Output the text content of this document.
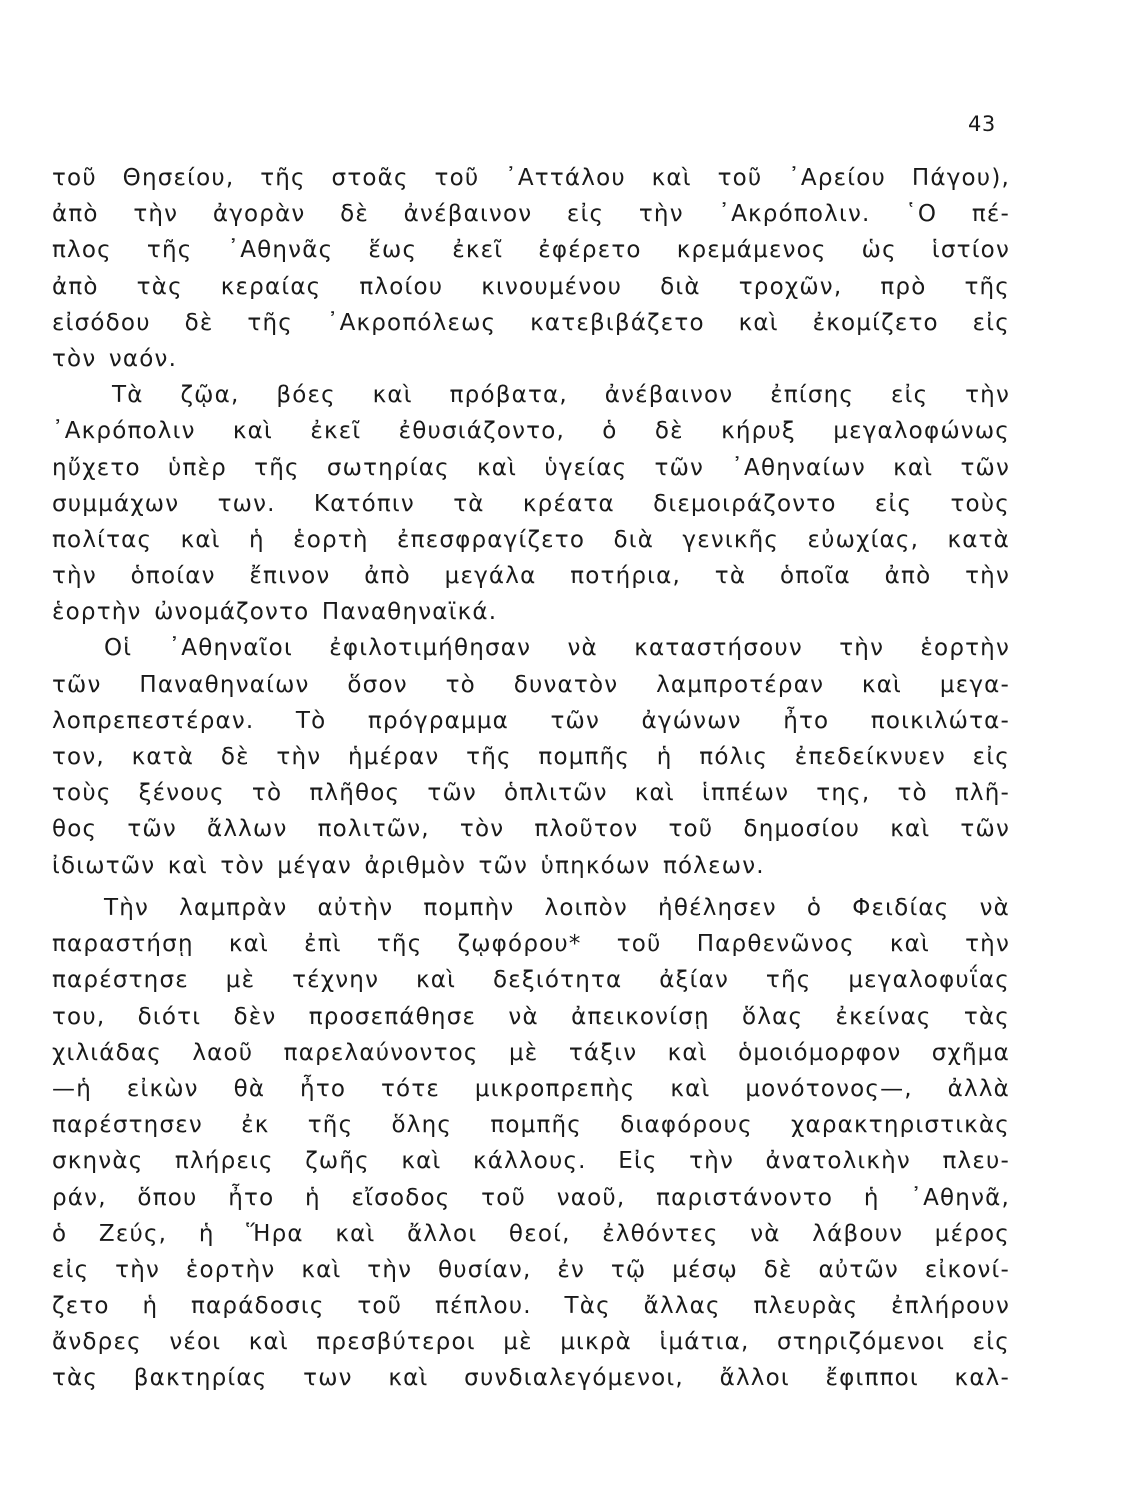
43
τοῦ Θησείου, τῆς στοᾶς τοῦ ᾿Αττάλου καὶ τοῦ ᾿Αρείου Πάγου),
ἀπὸ τὴν ἀγορὰν δὲ ἀνέβαινον εἰς τὴν ᾿Ακρόπολιν. ῾Ο πέ-
πλος τῆς ᾿Αθηνᾶς ἕως ἐκεῖ ἐφέρετο κρεμάμενος ὡς ἱστίον
ἀπὸ τὰς κεραίας πλοίου κινουμένου διὰ τροχῶν, πρὸ τῆς
εἰσόδου δὲ τῆς ᾿Ακροπόλεως κατεβιβάζετο καὶ ἐκομίζετο εἰς
τὸν ναόν.
Τὰ ζῷα, βόες καὶ πρόβατα, ἀνέβαινον ἐπίσης εἰς τὴν
᾿Ακρόπολιν καὶ ἐκεῖ ἐθυσιάζοντο, ὁ δὲ κήρυξ μεγαλοφώνως
ηὔχετο ὑπὲρ τῆς σωτηρίας καὶ ὑγείας τῶν ᾿Αθηναίων καὶ τῶν
συμμάχων των. Κατόπιν τὰ κρέατα διεμοιράζοντο εἰς τοὺς
πολίτας καὶ ἡ ἑορτὴ ἐπεσφραγίζετο διὰ γενικῆς εὐωχίας, κατὰ
τὴν ὁποίαν ἔπινον ἀπὸ μεγάλα ποτήρια, τὰ ὁποῖα ἀπὸ τὴν
ἑορτὴν ὠνομάζοντο Παναθηναϊκά.
Οἱ ᾿Αθηναῖοι ἐφιλοτιμήθησαν νὰ καταστήσουν τὴν ἑορτὴν
τῶν Παναθηναίων ὅσον τὸ δυνατὸν λαμπροτέραν καὶ μεγα-
λοπρεπεστέραν. Τὸ πρόγραμμα τῶν ἀγώνων ἦτο ποικιλώτα-
τον, κατὰ δὲ τὴν ἡμέραν τῆς πομπῆς ἡ πόλις ἐπεδείκνυεν εἰς
τοὺς ξένους τὸ πλῆθος τῶν ὁπλιτῶν καὶ ἱππέων της, τὸ πλῆ-
θος τῶν ἄλλων πολιτῶν, τὸν πλοῦτον τοῦ δημοσίου καὶ τῶν
ἰδιωτῶν καὶ τὸν μέγαν ἀριθμὸν τῶν ὑπηκόων πόλεων.
Τὴν λαμπρὰν αὐτὴν πομπὴν λοιπὸν ἠθέλησεν ὁ Φειδίας νὰ
παραστήσῃ καὶ ἐπὶ τῆς ζῳφόρου* τοῦ Παρθενῶνος καὶ τὴν
παρέστησε μὲ τέχνην καὶ δεξιότητα ἀξίαν τῆς μεγαλοφυΐας
του, διότι δὲν προσεπάθησε νὰ ἀπεικονίσῃ ὅλας ἐκείνας τὰς
χιλιάδας λαοῦ παρελαύνοντος μὲ τάξιν καὶ ὁμοιόμορφον σχῆμα
—ἡ εἰκὼν θὰ ἦτο τότε μικροπρεπὴς καὶ μονότονος—, ἀλλὰ
παρέστησεν ἐκ τῆς ὅλης πομπῆς διαφόρους χαρακτηριστικὰς
σκηνὰς πλήρεις ζωῆς καὶ κάλλους. Εἰς τὴν ἀνατολικὴν πλευ-
ράν, ὅπου ἦτο ἡ εἴσοδος τοῦ ναοῦ, παριστάνοντο ἡ ᾿Αθηνᾶ,
ὁ Ζεύς, ἡ Ἥρα καὶ ἄλλοι θεοί, ἐλθόντες νὰ λάβουν μέρος
εἰς τὴν ἑορτὴν καὶ τὴν θυσίαν, ἐν τῷ μέσῳ δὲ αὐτῶν εἰκονί-
ζετο ἡ παράδοσις τοῦ πέπλου. Τὰς ἄλλας πλευρὰς ἐπλήρουν
ἄνδρες νέοι καὶ πρεσβύτεροι μὲ μικρὰ ἱμάτια, στηριζόμενοι εἰς
τὰς βακτηρίας των καὶ συνδιαλεγόμενοι, ἄλλοι ἔφιπποι καλ-
